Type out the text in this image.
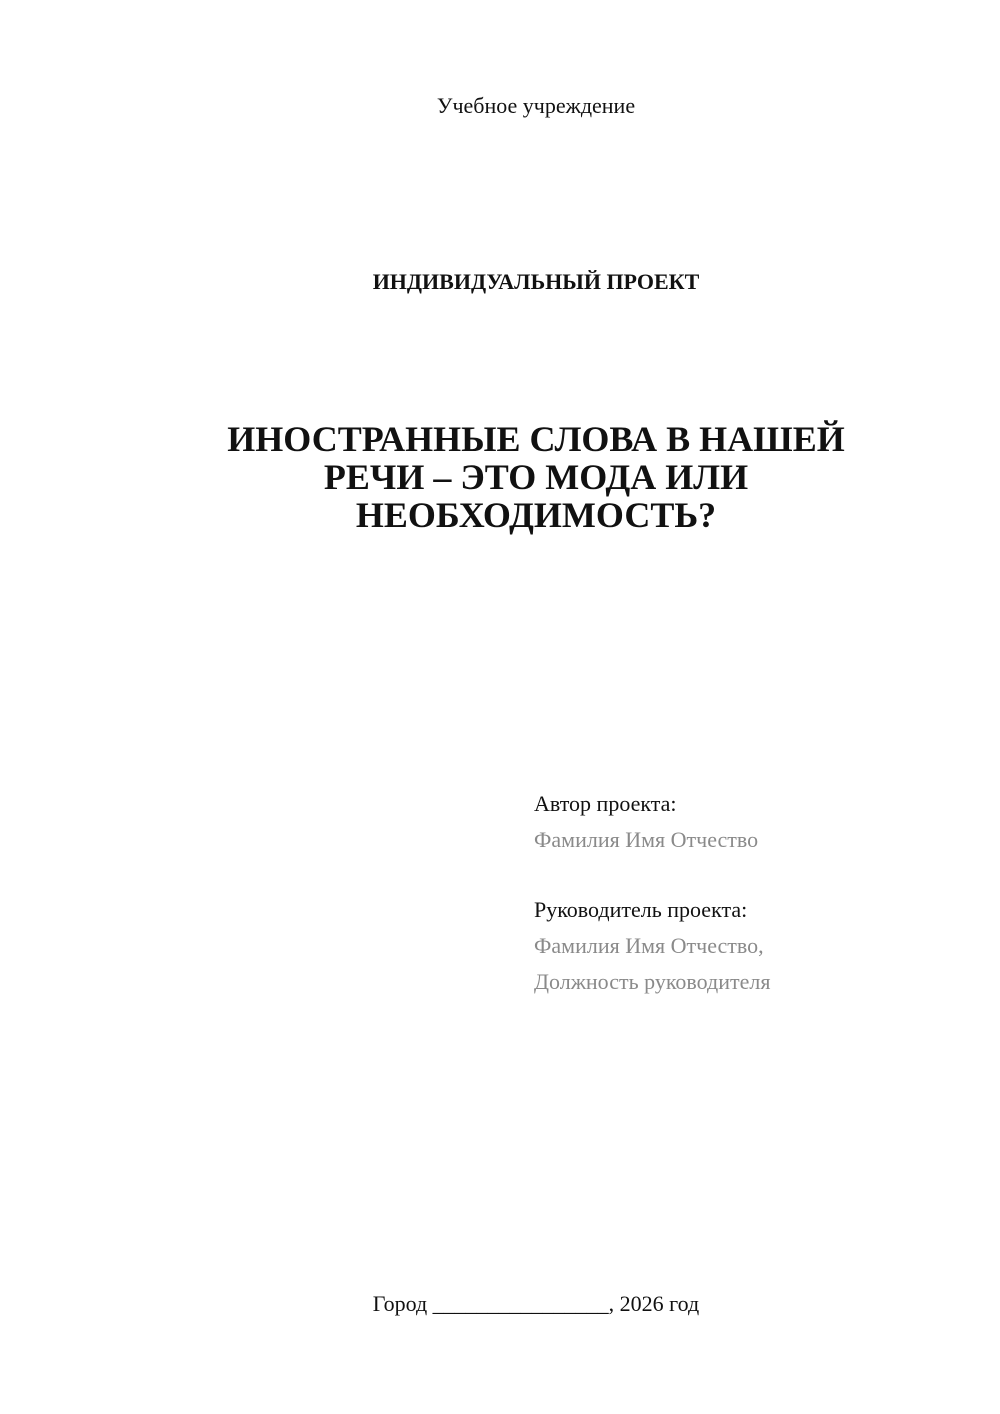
Учебное учреждение
ИНДИВИДУАЛЬНЫЙ ПРОЕКТ
ИНОСТРАННЫЕ СЛОВА В НАШЕЙ
РЕЧИ – ЭТО МОДА ИЛИ
НЕОБХОДИМОСТЬ?
Автор проекта:
Фамилия Имя Отчество
Руководитель проекта:
Фамилия Имя Отчество,
Должность руководителя
Город ________________, 2026 год
